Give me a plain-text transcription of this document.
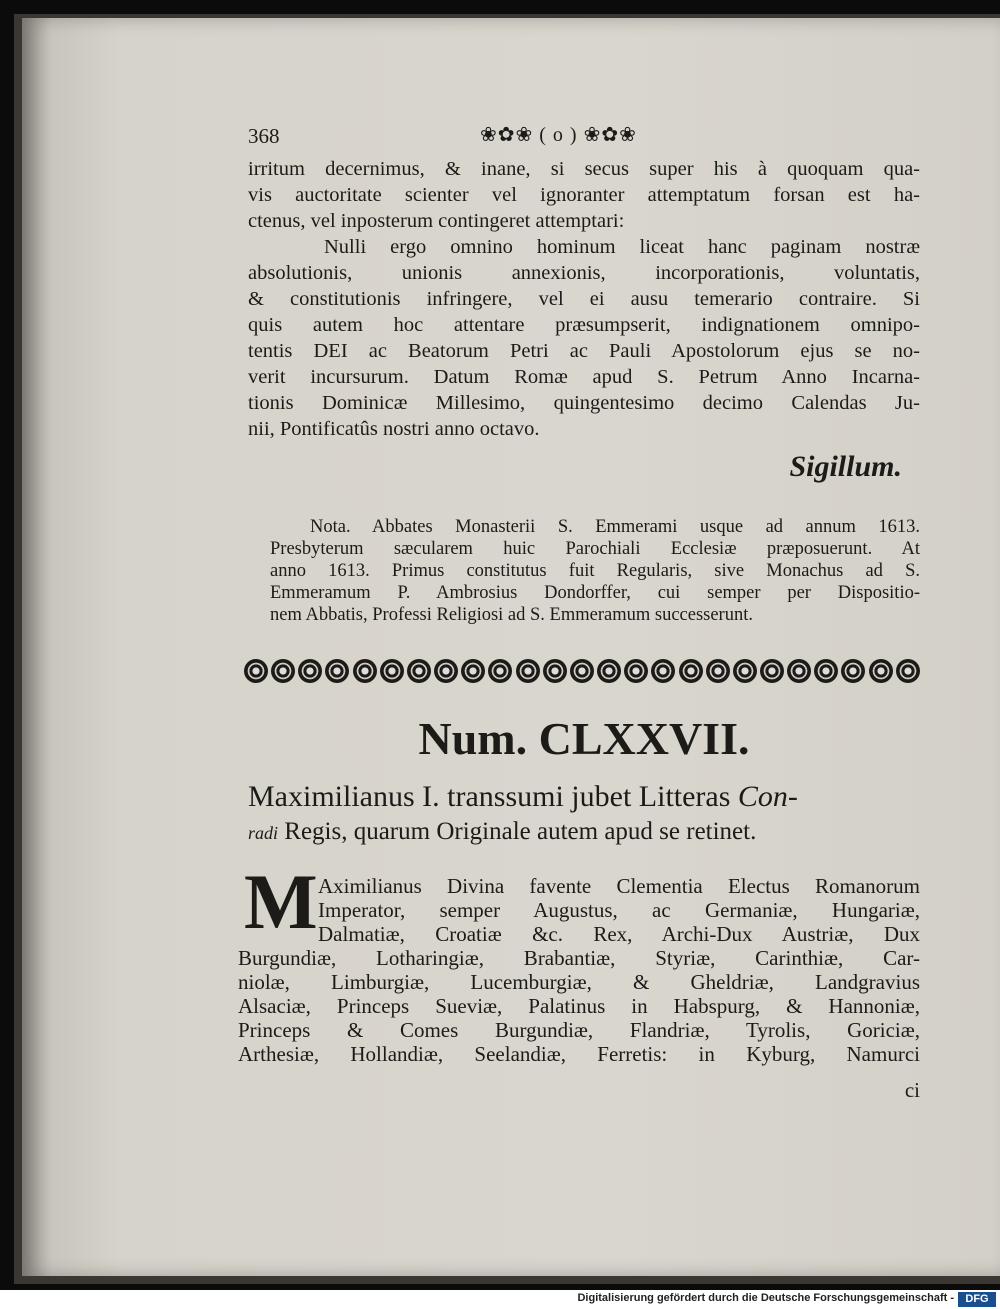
368	❀✿❀ ( o ) ❀✿❀
irritum decernimus, & inane, si secus super his à quoquam qua-
vis auctoritate scienter vel ignoranter attemptatum forsan est ha-
ctenus, vel inposterum contingeret attemptari:
Nulli ergo omnino hominum liceat hanc paginam nostræ
absolutionis, unionis annexionis, incorporationis, voluntatis,
& constitutionis infringere, vel ei ausu temerario contraire. Si
quis autem hoc attentare præsumpserit, indignationem omnipo-
tentis DEI ac Beatorum Petri ac Pauli Apostolorum ejus se no-
verit incursurum. Datum Romæ apud S. Petrum Anno Incarna-
tionis Dominicæ Millesimo, quingentesimo decimo Calendas Ju-
nii, Pontificatûs nostri anno octavo.
Sigillum.
Nota. Abbates Monasterii S. Emmerami usque ad annum 1613.
Presbyterum sæcularem huic Parochiali Ecclesiæ præposuerunt. At
anno 1613. Primus constitutus fuit Regularis, sive Monachus ad S.
Emmeramum P. Ambrosius Dondorffer, cui semper per Dispositio-
nem Abbatis, Professi Religiosi ad S. Emmeramum successerunt.
Num. CLXXVII.
Maximilianus I. transsumi jubet Litteras Con-
radi Regis, quarum Originale autem apud se retinet.
M Aximilianus Divina favente Clementia Electus Romanorum
Imperator, semper Augustus, ac Germaniæ, Hungariæ,
Dalmatiæ, Croatiæ &c. Rex, Archi-Dux Austriæ, Dux
Burgundiæ, Lotharingiæ, Brabantiæ, Styriæ, Carinthiæ, Car-
niolæ, Limburgiæ, Lucemburgiæ, & Gheldriæ, Landgravius
Alsaciæ, Princeps Sueviæ, Palatinus in Habspurg, & Hannoniæ,
Princeps & Comes Burgundiæ, Flandriæ, Tyrolis, Goriciæ,
Arthesiæ, Hollandiæ, Seelandiæ, Ferretis: in Kyburg, Namurci
ci
Digitalisierung gefördert durch die Deutsche Forschungsgemeinschaft -	DFG
